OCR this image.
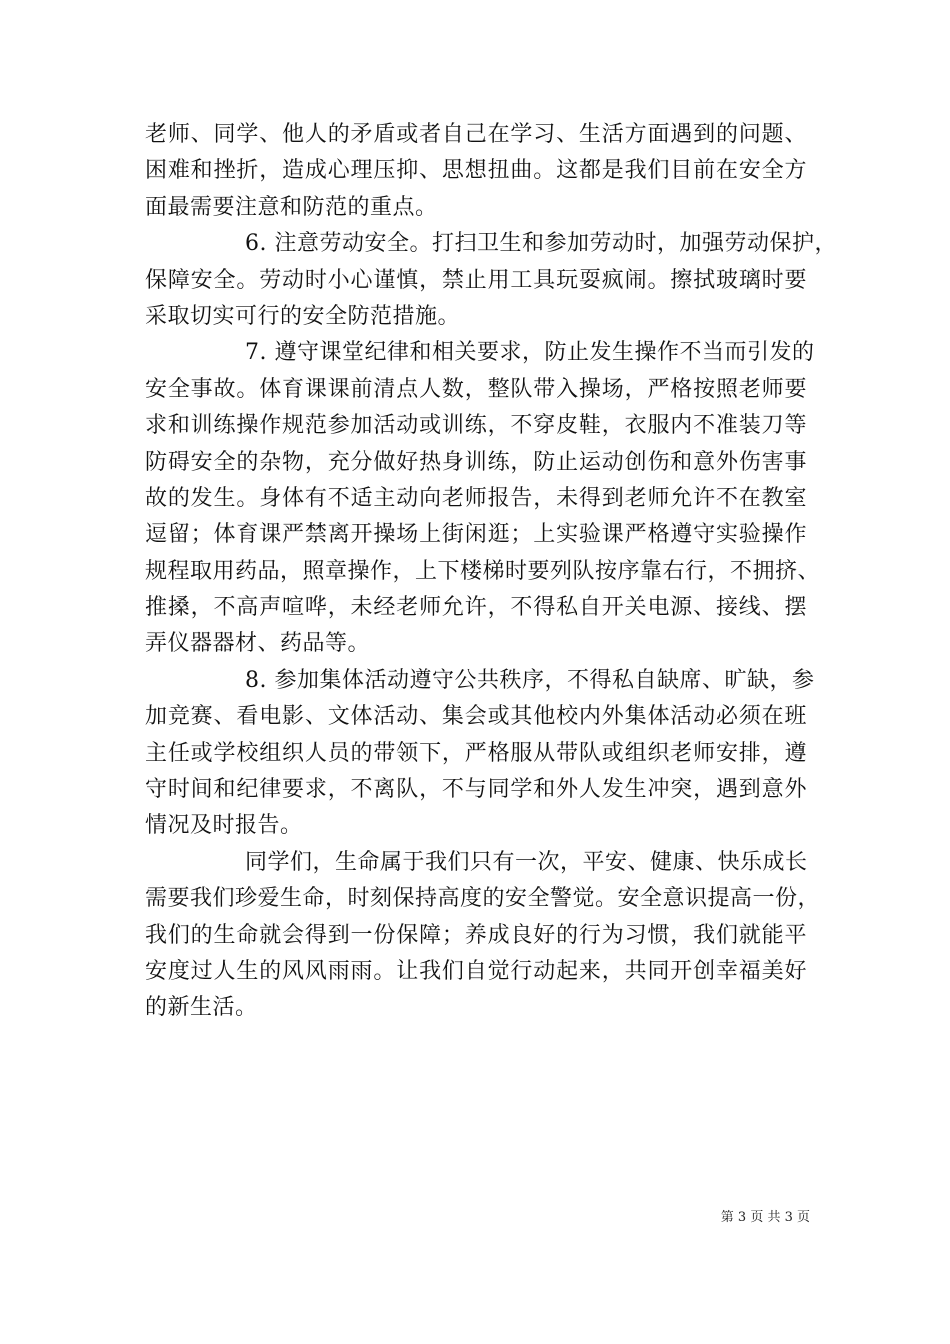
老师、同学、他人的矛盾或者自己在学习、生活方面遇到的问题、
困难和挫折，造成心理压抑、思想扭曲。这都是我们目前在安全方
面最需要注意和防范的重点。
6. 注意劳动安全。打扫卫生和参加劳动时，加强劳动保护，
保障安全。劳动时小心谨慎，禁止用工具玩耍疯闹。擦拭玻璃时要
采取切实可行的安全防范措施。
7. 遵守课堂纪律和相关要求，防止发生操作不当而引发的
安全事故。体育课课前清点人数，整队带入操场，严格按照老师要
求和训练操作规范参加活动或训练，不穿皮鞋，衣服内不准装刀等
防碍安全的杂物，充分做好热身训练，防止运动创伤和意外伤害事
故的发生。身体有不适主动向老师报告，未得到老师允许不在教室
逗留；体育课严禁离开操场上街闲逛；上实验课严格遵守实验操作
规程取用药品，照章操作，上下楼梯时要列队按序靠右行，不拥挤、
推搡，不高声喧哗，未经老师允许，不得私自开关电源、接线、摆
弄仪器器材、药品等。
8. 参加集体活动遵守公共秩序，不得私自缺席、旷缺，参
加竞赛、看电影、文体活动、集会或其他校内外集体活动必须在班
主任或学校组织人员的带领下，严格服从带队或组织老师安排，遵
守时间和纪律要求，不离队，不与同学和外人发生冲突，遇到意外
情况及时报告。
同学们，生命属于我们只有一次，平安、健康、快乐成长
需要我们珍爱生命，时刻保持高度的安全警觉。安全意识提高一份，
我们的生命就会得到一份保障；养成良好的行为习惯，我们就能平
安度过人生的风风雨雨。让我们自觉行动起来，共同开创幸福美好
的新生活。
第 3 页 共 3 页
